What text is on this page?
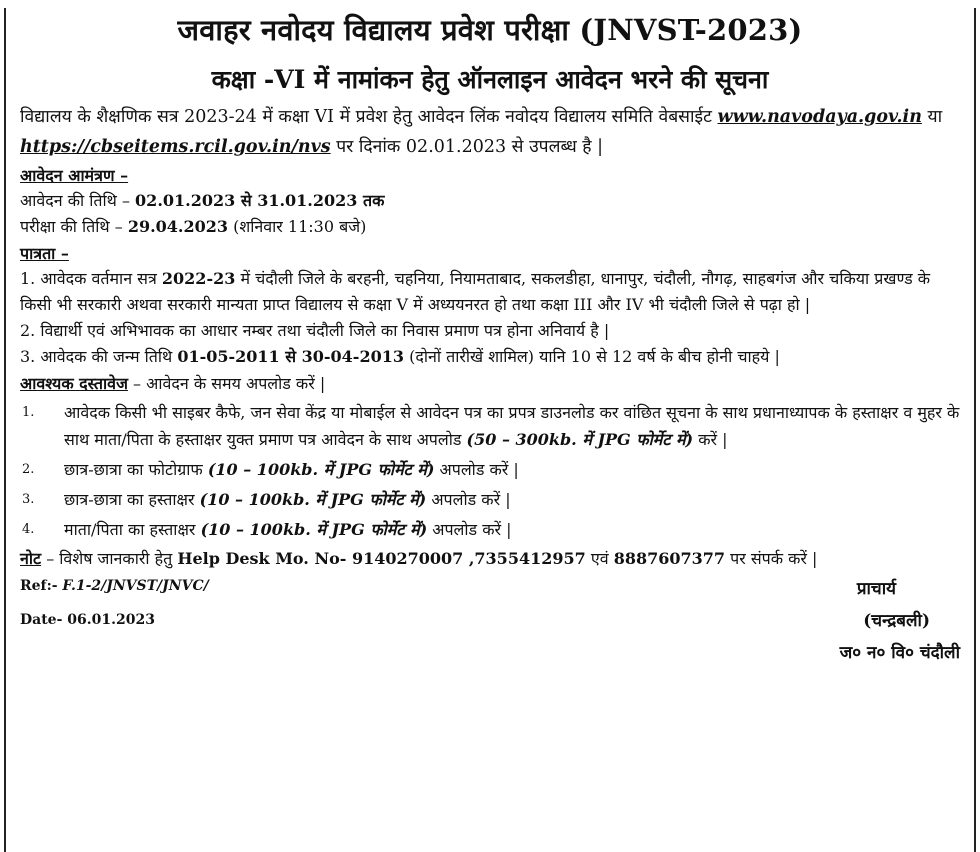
जवाहर नवोदय विद्यालय प्रवेश परीक्षा (JNVST-2023)
कक्षा -VI में नामांकन हेतु ऑनलाइन आवेदन भरने की सूचना

विद्यालय के शैक्षणिक सत्र 2023-24 में कक्षा VI में प्रवेश हेतु आवेदन लिंक नवोदय विद्यालय समिति वेबसाईट www.navodaya.gov.in या https://cbseitems.rcil.gov.in/nvs पर दिनांक 02.01.2023 से उपलब्ध है |

आवेदन आमंत्रण –
आवेदन की तिथि – 02.01.2023 से 31.01.2023 तक
परीक्षा की तिथि – 29.04.2023 (शनिवार 11:30 बजे)
पात्रता –

1. आवेदक वर्तमान सत्र 2022-23 में चंदौली जिले के बरहनी, चहनिया, नियामताबाद, सकलडीहा, धानापुर, चंदौली, नौगढ़, साहबगंज और चकिया प्रखण्ड के किसी भी सरकारी अथवा सरकारी मान्यता प्राप्त विद्यालय से कक्षा V में अध्ययनरत हो तथा कक्षा III और IV भी चंदौली जिले से पढ़ा हो |

2. विद्यार्थी एवं अभिभावक का आधार नम्बर तथा चंदौली जिले का निवास प्रमाण पत्र होना अनिवार्य है |

3. आवेदक की जन्म तिथि 01-05-2011 से 30-04-2013 (दोनों तारीखें शामिल) यानि 10 से 12 वर्ष के बीच होनी चाहये |

आवश्यक दस्तावेज – आवेदन के समय अपलोड करें |
1. आवेदक किसी भी साइबर कैफे, जन सेवा केंद्र या मोबाईल से आवेदन पत्र का प्रपत्र डाउनलोड कर वांछित सूचना के साथ प्रधानाध्यापक के हस्ताक्षर व मुहर के साथ माता/पिता के हस्ताक्षर युक्त प्रमाण पत्र आवेदन के साथ अपलोड (50 – 300kb. में JPG फोर्मेट में) करें |
2. छात्र-छात्रा का फोटोग्राफ (10 – 100kb. में JPG फोर्मेट में) अपलोड करें |
3. छात्र-छात्रा का हस्ताक्षर (10 – 100kb. में JPG फोर्मेट में) अपलोड करें |
4. माता/पिता का हस्ताक्षर (10 – 100kb. में JPG फोर्मेट में) अपलोड करें |
नोट – विशेष जानकारी हेतु Help Desk Mo. No- 9140270007 ,7355412957 एवं 8887607377 पर संपर्क करें |
Ref:- F.1-2/JNVST/JNVC/
Date- 06.01.2023
प्राचार्य
(चन्द्रबली)
ज० न० वि० चंदौली
